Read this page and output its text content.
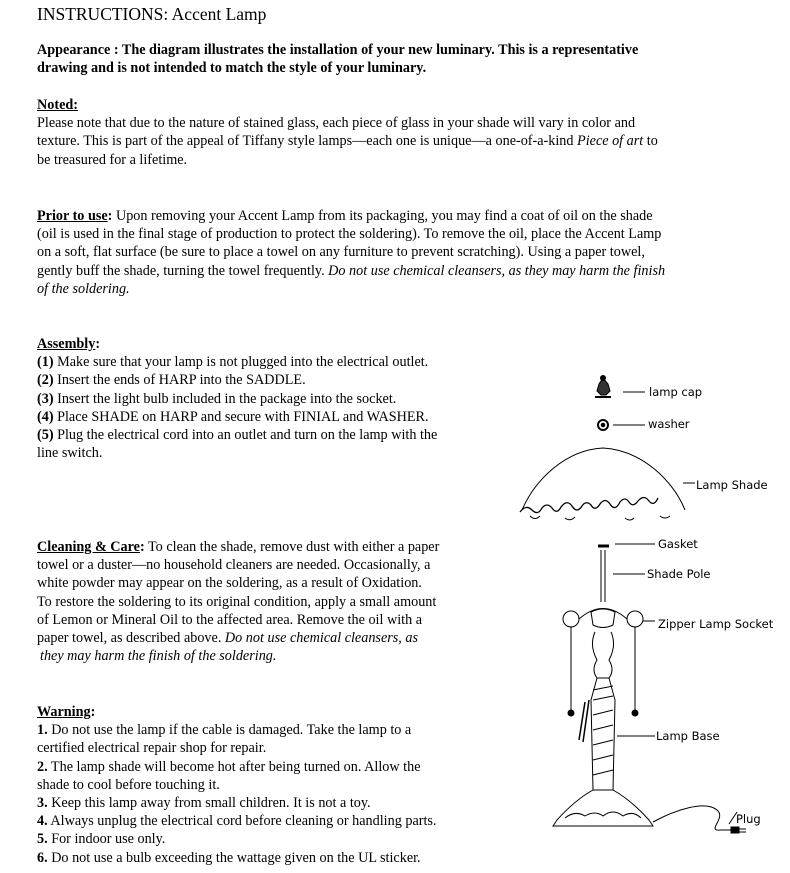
INSTRUCTIONS: Accent Lamp
Appearance : The diagram illustrates the installation of your new luminary. This is a representative
drawing and is not intended to match the style of your luminary.
Noted:
Please note that due to the nature of stained glass, each piece of glass in your shade will vary in color and
texture. This is part of the appeal of Tiffany style lamps—each one is unique—a one-of-a-kind Piece of art to
be treasured for a lifetime.
Prior to use: Upon removing your Accent Lamp from its packaging, you may find a coat of oil on the shade
(oil is used in the final stage of production to protect the soldering). To remove the oil, place the Accent Lamp
on a soft, flat surface (be sure to place a towel on any furniture to prevent scratching). Using a paper towel,
gently buff the shade, turning the towel frequently. Do not use chemical cleansers, as they may harm the finish
of the soldering.
Assembly:
(1) Make sure that your lamp is not plugged into the electrical outlet.
(2) Insert the ends of HARP into the SADDLE.
(3) Insert the light bulb included in the package into the socket.
(4) Place SHADE on HARP and secure with FINIAL and WASHER.
(5) Plug the electrical cord into an outlet and turn on the lamp with the
line switch.
Cleaning & Care: To clean the shade, remove dust with either a paper
towel or a duster—no household cleaners are needed. Occasionally, a
white powder may appear on the soldering, as a result of Oxidation.
To restore the soldering to its original condition, apply a small amount
of Lemon or Mineral Oil to the affected area. Remove the oil with a
paper towel, as described above. Do not use chemical cleansers, as
they may harm the finish of the soldering.
Warning:
1. Do not use the lamp if the cable is damaged. Take the lamp to a
certified electrical repair shop for repair.
2. The lamp shade will become hot after being turned on. Allow the
shade to cool before touching it.
3. Keep this lamp away from small children. It is not a toy.
4. Always unplug the electrical cord before cleaning or handling parts.
5. For indoor use only.
6. Do not use a bulb exceeding the wattage given on the UL sticker.
lamp cap
washer
Lamp Shade
Gasket
Shade Pole
Zipper Lamp Socket
Lamp Base
Plug
